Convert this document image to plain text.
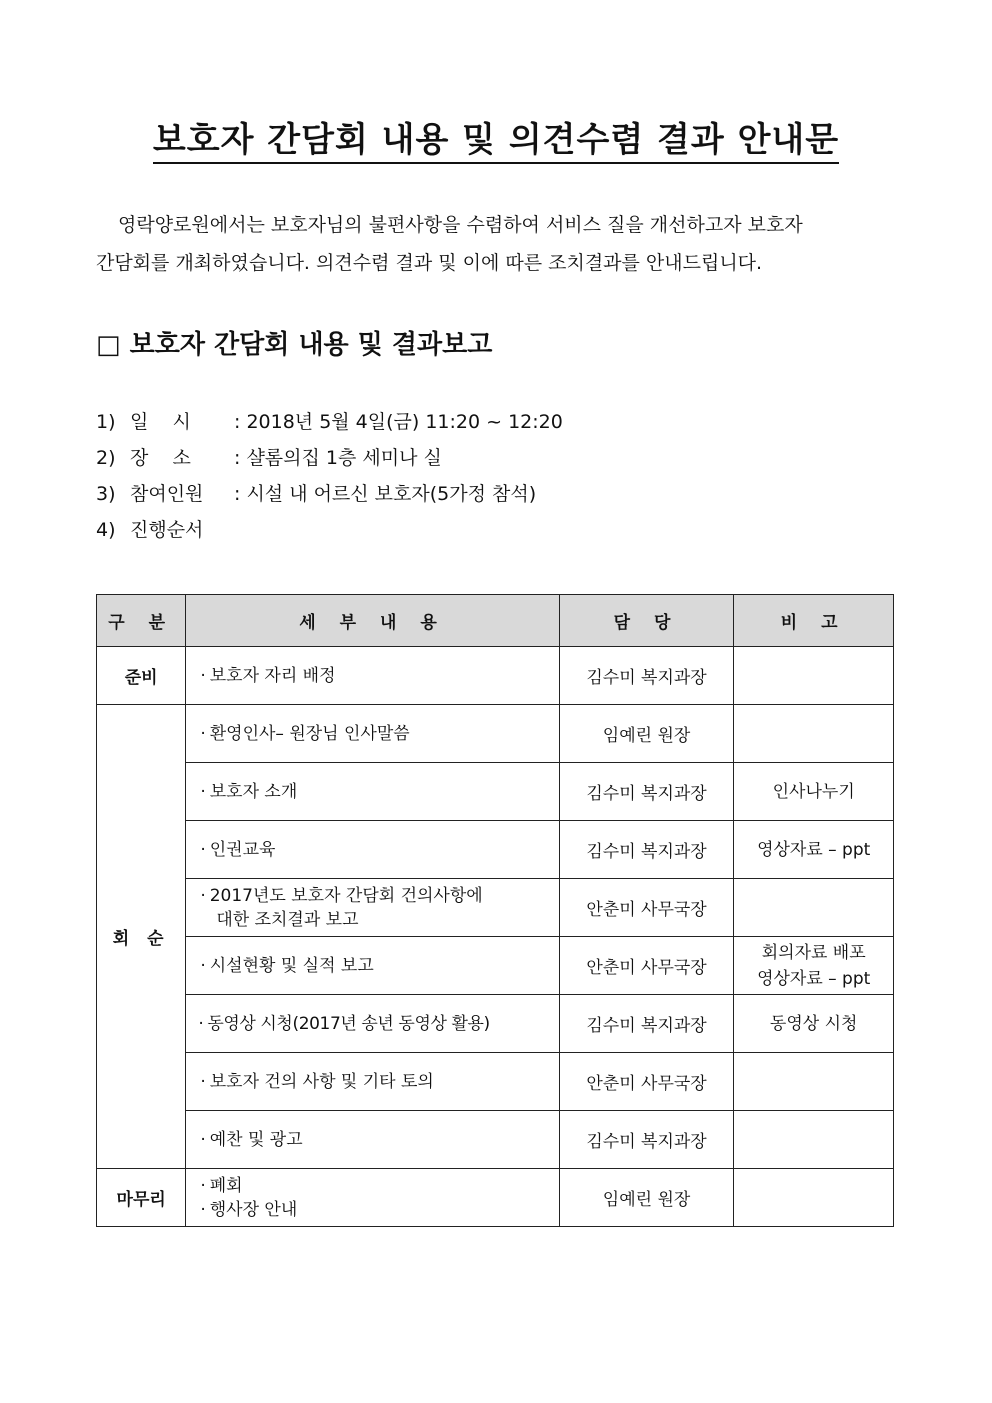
보호자 간담회 내용 및 의견수렴 결과 안내문
영락양로원에서는 보호자님의 불편사항을 수렴하여 서비스 질을 개선하고자 보호자
간담회를 개최하였습니다. 의견수렴 결과 및 이에 따른 조치결과를 안내드립니다.
□ 보호자 간담회 내용 및 결과보고
1) 일    시 : 2018년 5월 4일(금) 11:20 ~ 12:20
2) 장    소 : 샬롬의집 1층 세미나 실
3) 참여인원 : 시설 내 어르신 보호자(5가정 참석)
4) 진행순서
구 분	세 부 내 용	담 당	비 고
준비	· 보호자 자리 배정	김수미 복지과장	
회 순	· 환영인사– 원장님 인사말씀	임예린 원장	
	· 보호자 소개	김수미 복지과장	인사나누기
	· 인권교육	김수미 복지과장	영상자료 – ppt

	· 2017년도 보호자 간담회 건의사항에
대한 조치결과 보고	안춘미 사무국장	
	· 시설현황 및 실적 보고	안춘미 사무국장	회의자료 배포
영상자료 – ppt

	· 동영상 시청(2017년 송년 동영상 활용)	김수미 복지과장	동영상 시청
	· 보호자 건의 사항 및 기타 토의	안춘미 사무국장	
	· 예찬 및 광고	김수미 복지과장	
마무리	· 폐회
· 행사장 안내	임예린 원장	
